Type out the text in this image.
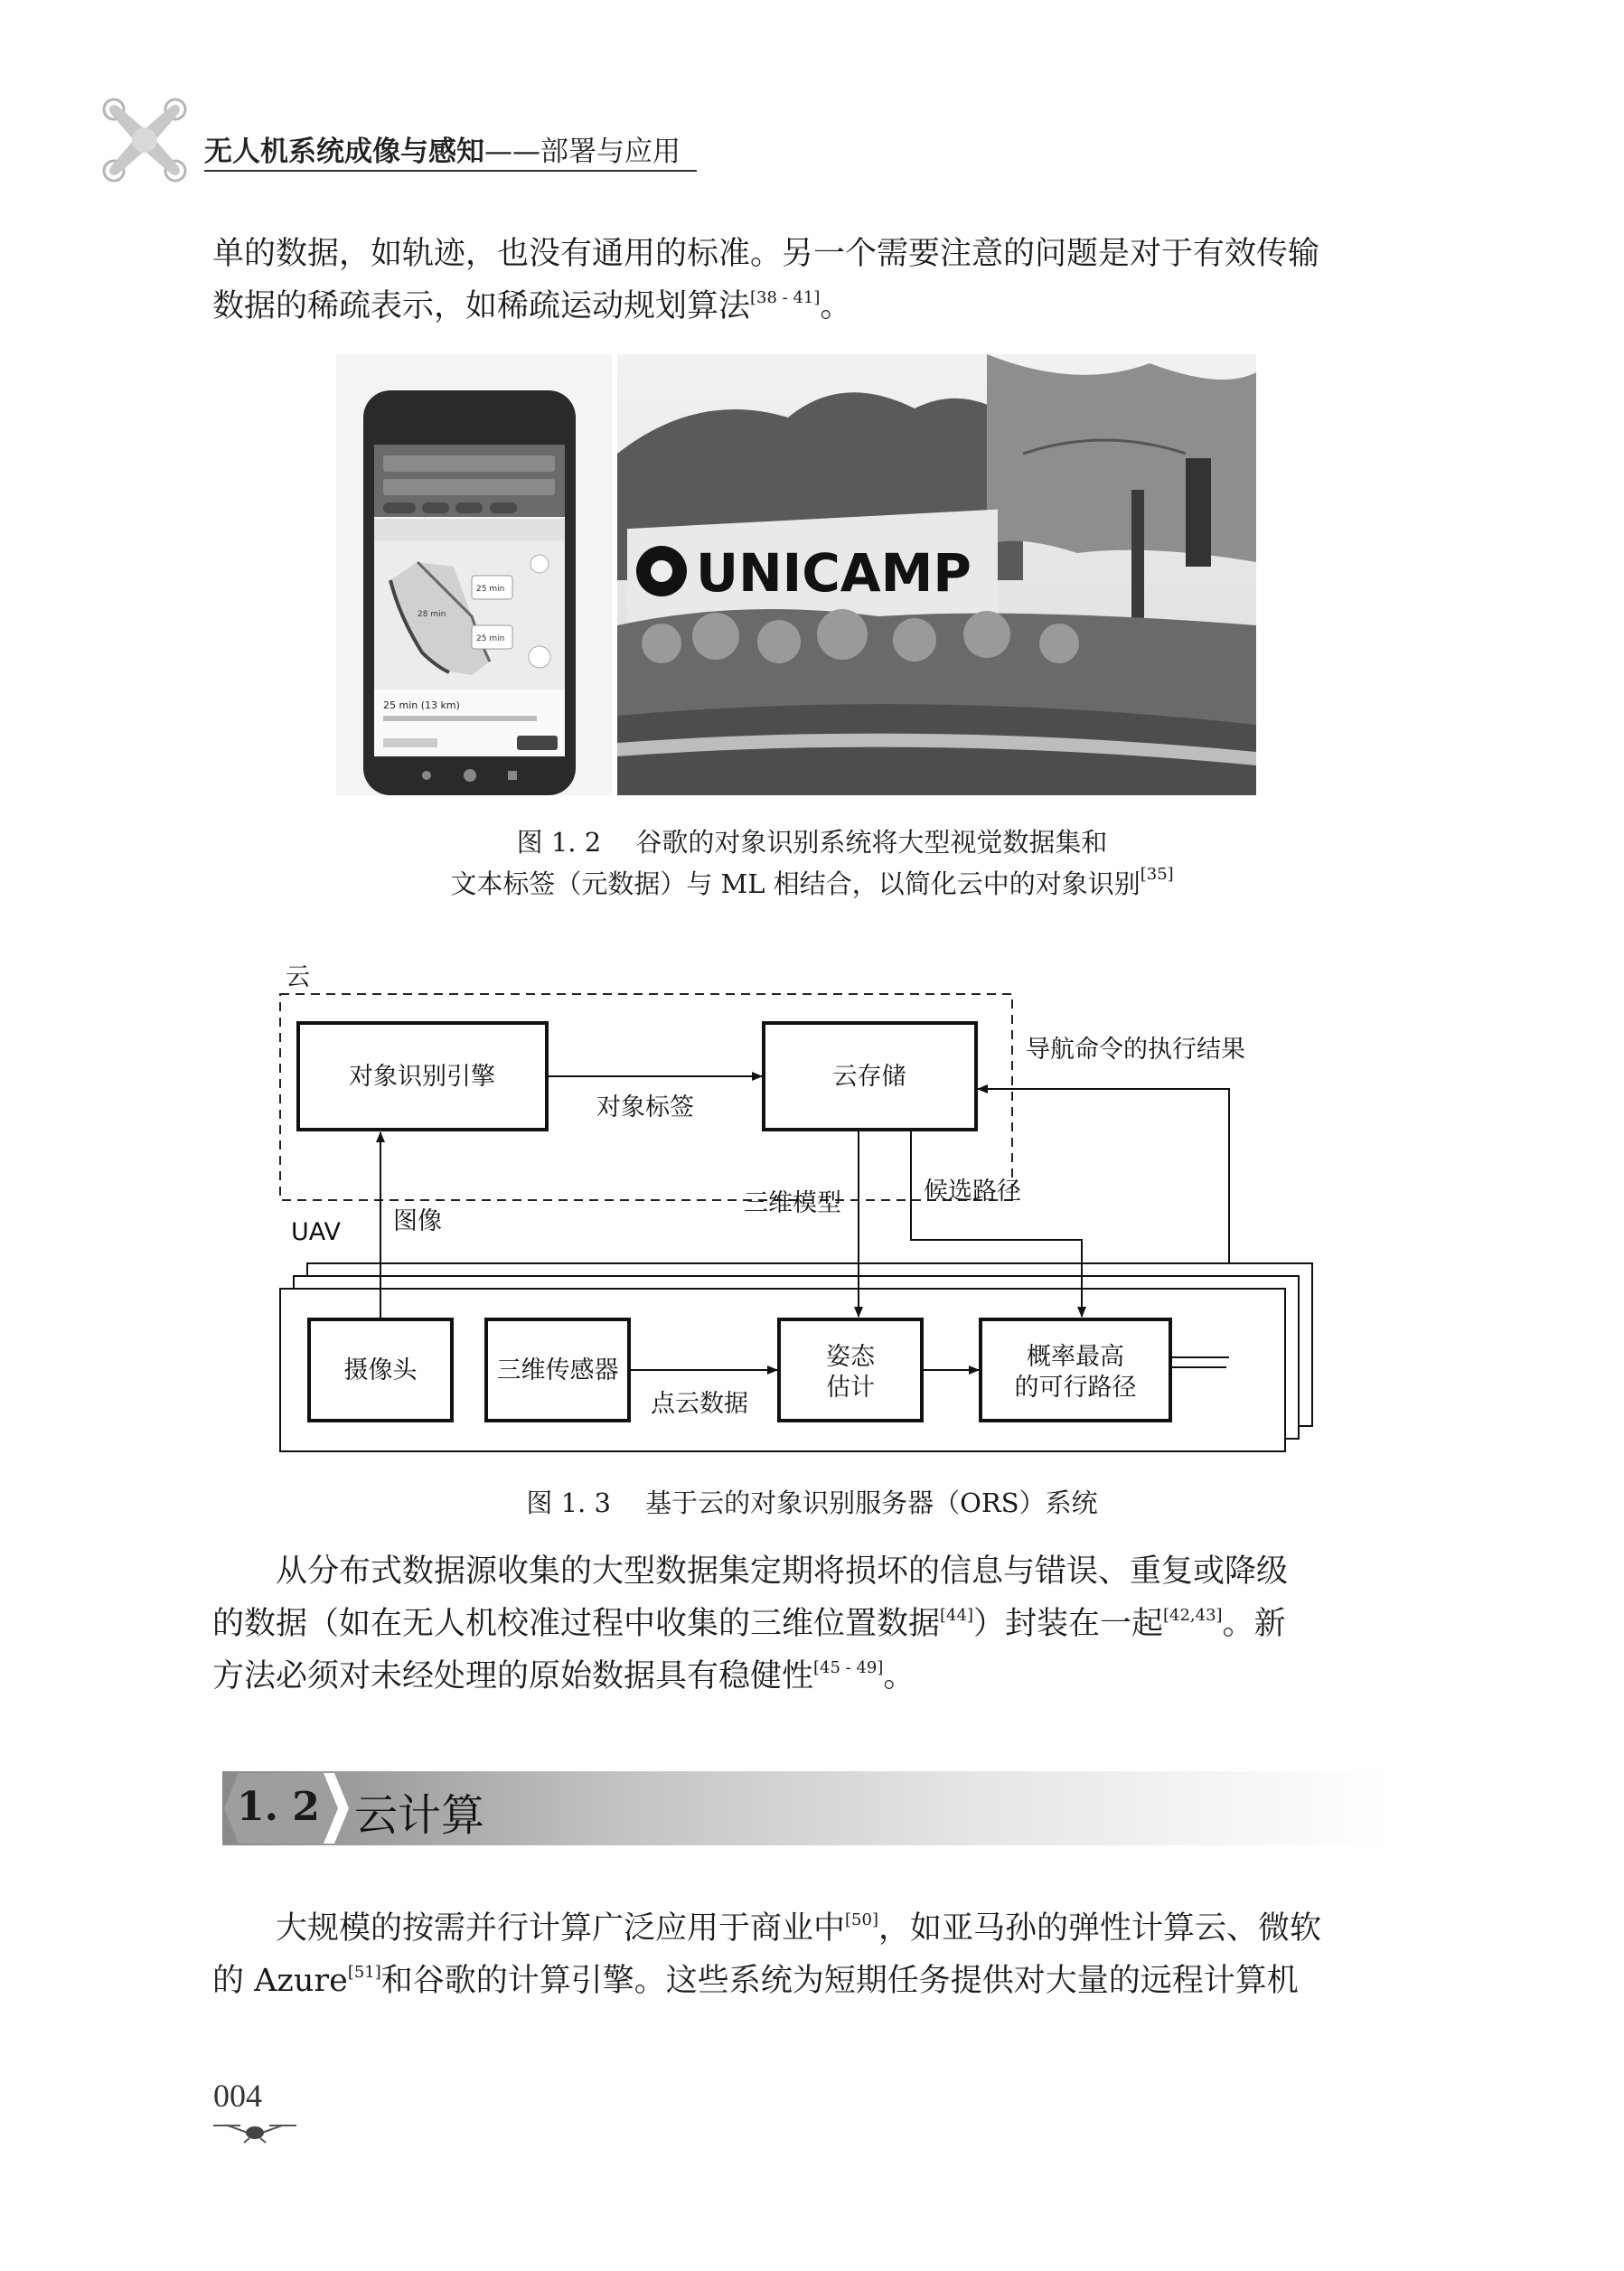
无人机系统成像与感知——部署与应用
单的数据，如轨迹，也没有通用的标准。另一个需要注意的问题是对于有效传输
数据的稀疏表示，如稀疏运动规划算法[38 - 41]。
25 min
25 min
28 min
25 min (13 km)
UNICAMP
图 1. 2　 谷歌的对象识别系统将大型视觉数据集和
文本标签（元数据）与 ML 相结合，以简化云中的对象识别[35]
云
对象识别引擎	云存储
对象标签
导航命令的执行结果
UAV
摄像头	三维传感器	姿态
估计
概率最高
的可行路径
图像
三维模型	候选路径
点云数据
图 1. 3　 基于云的对象识别服务器（ORS）系统
从分布式数据源收集的大型数据集定期将损坏的信息与错误、重复或降级
的数据（如在无人机校准过程中收集的三维位置数据[44]）封装在一起[42,43]。新
方法必须对未经处理的原始数据具有稳健性[45 - 49]。
1. 2 云计算
大规模的按需并行计算广泛应用于商业中[50]，如亚马孙的弹性计算云、微软
的 Azure[51]和谷歌的计算引擎。这些系统为短期任务提供对大量的远程计算机
004
